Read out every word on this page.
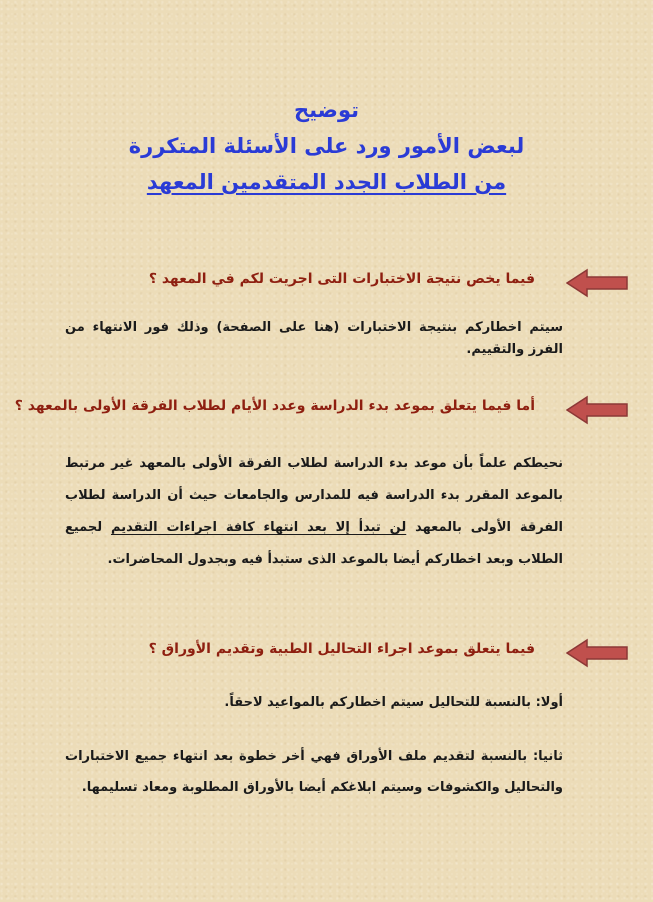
توضيح
لبعض الأمور ورد على الأسئلة المتكررة
من الطلاب الجدد المتقدمين المعهد
فيما يخص نتيجة الاختبارات التى اجريت لكم في المعهد ؟

سيتم اخطاركم بنتيجة الاختبارات (هنا على الصفحة) وذلك فور الانتهاء من الفرز والتقييم.

أما فيما يتعلق بموعد بدء الدراسة وعدد الأيام لطلاب الفرقة الأولى بالمعهد ؟

نحيطكم علماً بأن موعد بدء الدراسة لطلاب الفرقة الأولى بالمعهد غير مرتبط بالموعد المقرر بدء الدراسة فيه للمدارس والجامعات حيث أن الدراسة لطلاب الفرقة الأولى بالمعهد لن تبدأ إلا بعد انتهاء كافة اجراءات التقديم لجميع الطلاب وبعد اخطاركم أيضا بالموعد الذى ستبدأ فيه وبجدول المحاضرات.

فيما يتعلق بموعد اجراء التحاليل الطبية وتقديم الأوراق ؟

أولا: بالنسبة للتحاليل سيتم اخطاركم بالمواعيد لاحقاً.

ثانيا: بالنسبة لتقديم ملف الأوراق فهي أخر خطوة بعد انتهاء جميع الاختبارات والتحاليل والكشوفات وسيتم ابلاغكم أيضا بالأوراق المطلوبة ومعاد تسليمها.
